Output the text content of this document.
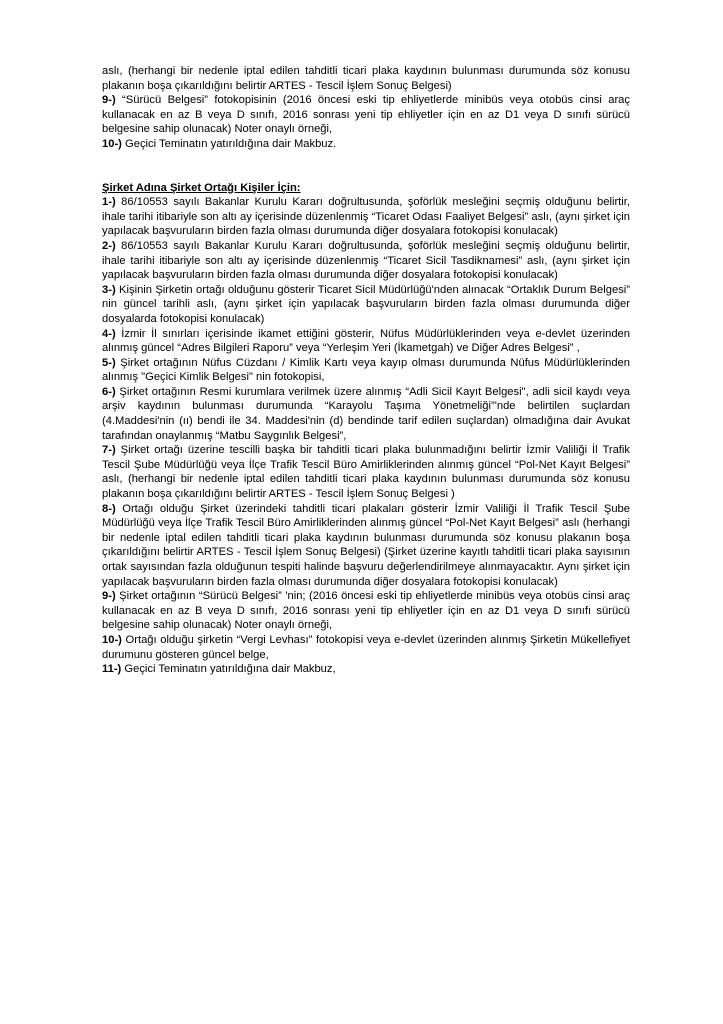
aslı, (herhangi bir nedenle iptal edilen tahditli ticari plaka kaydının bulunması durumunda söz konusu plakanın boşa çıkarıldığını belirtir ARTES - Tescil İşlem Sonuç Belgesi)

9-) “Sürücü Belgesi” fotokopisinin (2016 öncesi eski tip ehliyetlerde minibüs veya otobüs cinsi araç kullanacak en az B veya D sınıfı, 2016 sonrası yeni tip ehliyetler için en az D1 veya D sınıfı sürücü belgesine sahip olunacak) Noter onaylı örneği,

10-) Geçici Teminatın yatırıldığına dair Makbuz.

Şirket Adına Şirket Ortağı Kişiler İçin:

1-) 86/10553 sayılı Bakanlar Kurulu Kararı doğrultusunda, şoförlük mesleğini seçmiş olduğunu belirtir, ihale tarihi itibariyle son altı ay içerisinde düzenlenmiş “Ticaret Odası Faaliyet Belgesi” aslı, (aynı şirket için yapılacak başvuruların birden fazla olması durumunda diğer dosyalara fotokopisi konulacak)

2-) 86/10553 sayılı Bakanlar Kurulu Kararı doğrultusunda, şoförlük mesleğini seçmiş olduğunu belirtir, ihale tarihi itibariyle son altı ay içerisinde düzenlenmiş “Ticaret Sicil Tasdiknamesi” aslı, (aynı şirket için yapılacak başvuruların birden fazla olması durumunda diğer dosyalara fotokopisi konulacak)

3-) Kişinin Şirketin ortağı olduğunu gösterir Ticaret Sicil Müdürlüğü'nden alınacak “Ortaklık Durum Belgesi” nin güncel tarihli aslı, (aynı şirket için yapılacak başvuruların birden fazla olması durumunda diğer dosyalarda fotokopisi konulacak)

4-) İzmir İl sınırları içerisinde ikamet ettiğini gösterir, Nüfus Müdürlüklerinden veya e-devlet üzerinden alınmış güncel “Adres Bilgileri Raporu” veya “Yerleşim Yeri (İkametgah) ve Diğer Adres Belgesi” ,

5-) Şirket ortağının Nüfus Cüzdanı / Kimlik Kartı veya kayıp olması durumunda Nüfus Müdürlüklerinden alınmış "Geçici Kimlik Belgesi" nin fotokopisi,

6-) Şirket ortağının Resmi kurumlara verilmek üzere alınmış “Adli Sicil Kayıt Belgesi", adli sicil kaydı veya arşiv kaydının bulunması durumunda “Karayolu Taşıma Yönetmeliği”'nde belirtilen suçlardan (4.Maddesi'nin (ıı) bendi ile 34. Maddesi'nin (d) bendinde tarif edilen suçlardan) olmadığına dair Avukat tarafından onaylanmış “Matbu Saygınlık Belgesi”,

7-) Şirket ortağı üzerine tescilli başka bir tahditli ticari plaka bulunmadığını belirtir İzmir Valiliği İl Trafik Tescil Şube Müdürlüğü veya İlçe Trafik Tescil Büro Amirliklerinden alınmış güncel “Pol-Net Kayıt Belgesi” aslı, (herhangi bir nedenle iptal edilen tahditli ticari plaka kaydının bulunması durumunda söz konusu plakanın boşa çıkarıldığını belirtir ARTES - Tescil İşlem Sonuç Belgesi )

8-) Ortağı olduğu Şirket üzerindeki tahditli ticari plakaları gösterir İzmir Valiliği İl Trafik Tescil Şube Müdürlüğü veya İlçe Trafik Tescil Büro Amirliklerinden alınmış güncel “Pol-Net Kayıt Belgesi” aslı (herhangi bir nedenle iptal edilen tahditli ticari plaka kaydının bulunması durumunda söz konusu plakanın boşa çıkarıldığını belirtir ARTES - Tescil İşlem Sonuç Belgesi) (Şirket üzerine kayıtlı tahditli ticari plaka sayısının ortak sayısından fazla olduğunun tespiti halinde başvuru değerlendirilmeye alınmayacaktır. Aynı şirket için yapılacak başvuruların birden fazla olması durumunda diğer dosyalara fotokopisi konulacak)

9-) Şirket ortağının “Sürücü Belgesi” 'nin; (2016 öncesi eski tip ehliyetlerde minibüs veya otobüs cinsi araç kullanacak en az B veya D sınıfı, 2016 sonrası yeni tip ehliyetler için en az D1 veya D sınıfı sürücü belgesine sahip olunacak) Noter onaylı örneği,

10-) Ortağı olduğu şirketin “Vergi Levhası” fotokopisi veya e-devlet üzerinden alınmış Şirketin Mükellefiyet durumunu gösteren güncel belge,

11-) Geçici Teminatın yatırıldığına dair Makbuz,
